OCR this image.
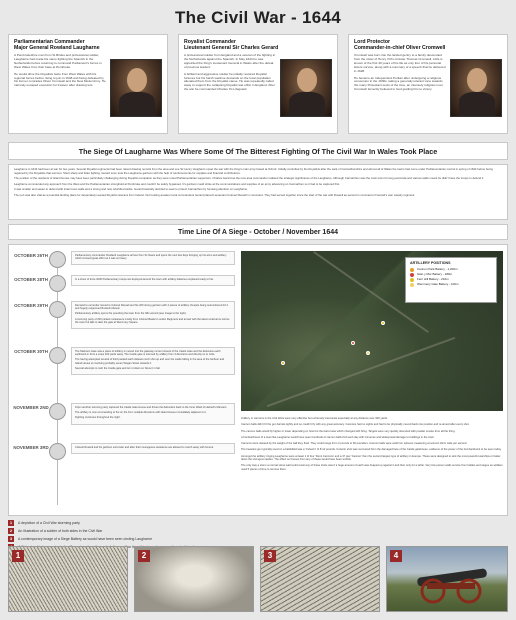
The Civil War - 1644
Parliamentarian Commander
Major General Rowland Laugharne

A Pembrokeshire man from St Brides and professional soldier, Laugharne had made his name fighting the Spanish in the Netherlands before returning to command Parliament's forces in West Wales from their base at Pembroke.

He would drive the Royalists twice from West Wales with his regional forces before rising to join in 1648 and being defeated by his former comrades Oliver Cromwell and the New Model Army. He narrowly escaped execution for treason after drawing lots.

Royalist Commander
Lieutenant General Sir Charles Gerard

A professional soldier from England and a veteran of the fighting in the Netherlands against the Spanish. In May 1644 he was appointed the King's Lieutenant General in Wales after the defeat of previous leaders.

A brilliant and aggressive soldier he initially restored Royalist fortunes but his harsh wartime demands on the local population alienated them from the Royalist cause. He was repeatedly called away to support the collapsing Royalist war effort in England. After the war he commanded Charles II's Lifeguard.

Lord Protector
Commander-in-chief Oliver Cromwell

Cromwell was born into the landed gentry to a family descended from the sister of Henry VIII's minister Thomas Cromwell. Little is known of the first 40 years of his life as only four of his personal letters survive, along with a summary of a speech that he delivered in 1628.

He became an Independent Puritan after undergoing a religious conversion in the 1630s, taking a generally tolerant view towards the many Protestant sects of the time, an intensely religious man, Cromwell fervently believed in God guiding him to victory.

The Siege Of Laugharne Was Where Some Of The Bitterest Fighting Of The Civil War In Wales Took Place

Laugharne in 1644 had been at war for two years. Several Royalist regiments had been raised drawing recruits from the area and one Sir Henry Vaughan's upset the war with the King's main army based at Oxford. Initially controlled by the Royalists after the sack of Carmarthenshire and almost all of Wales the towns had come under Parliamentarian control in spring of 1644 before being regained by the Royalists that summer. Short sharp and bitter fighting, Gerard soon took the Laugharne garrison with the help of reinforcements for supplies and financial contributions.

The position of the residents of Island House may have been particularly challenging during Royalist occupation as they were noted Parliamentarian supporters. Charles Gerard as the new area commander realised the strategic significance of the Laugharne. Although Carmarthen was the main town it's long peninsula and various walls meant he didn't have the troops to defend it.

Laugharne commanded any approach from the West and the Parliamentarian stronghold at Pembroke and couldn't be safely bypassed. It's garrison could strike at the communications and supplies of an army advancing on Carmarthen so it had to be captured first.

It was smaller and easier to defend with intact town walls and a strong and now refortified castle. Gerard basically decided to seek to protect Carmarthen by focusing attention on Laugharne.

The port was also vital as a potential landing place for desperately needed Royalist veterans from Ireland. Not trusting amateur local commanders Gerard placed Lieutenant Colonel Russell in command. They had served together since the start of the war with Russell as second in command of Gerard's own cavalry regiment.

Time Line Of A Siege - October / November 1644
OCTOBER 26TH	Parliamentary commander Rowland Laugharne arrives from St Clears and spent the next few days bringing up his arms and artillery which crossed great effort as it was so heavy.

OCTOBER 28TH	In a show of force 2000 Parliamentary troops are deployed around the town with artillery batteries emplaced ready to fire.

OCTOBER 29TH	Demand to surrender issued to Colonel Russell and his 200 strong garrison with 4 pieces of artillery. Despite being outnumbered 10:1 and hugely outgunned Russell refused.

Parliamentary artillery opens fire pounding the town from the hills around (see image to the right).

A storming party of 200 picked musketeers mostly from Colonel Beale's London Regiment and armed with the latest small arms storms the town but fails to take the gate at Wemmery Square.

OCTOBER 30TH	The Mariners Gate was a piece of artillery is moved into the gateway current streets of the Castle Gate and the defensive earth earthwork in front a mass 100 yards away. The Castle gate is stormed by artillery from 3 directions and directly on to Grist.

The having attempted several of third packed earth defeats much shot up and over the castle falling in the area of the harbour and Island House so involving probably seven Wogan Street towards it.

Several attempts to rush the Castle gate and turn it down on Nous it in fail.

NOVEMBER 2ND	10pm another storming party captured the Castle Gate House and drives the defenders back to the Inner Ward of Hazard's Mansion.

The artillery is now commanding to fire on the from multiple directions with island House immediately adjacent to it.

Fighting continues throughout the night.

NOVEMBER 3RD	Colonel Russell and his garrison surrender and after their courageous resistance are allowed to march away with honour.

ARTILLERY POSITIONS
Cannon Park Battery - 1,200m
Glan y Mor Battery - 180m
Fern Hill Battery - 210m
Wemmery Gate Battery - 100m

Artillery or cannons in the Civil Wars were very effective but extremely inaccurate especially at any distance over 300 yards.

Cannon balls didn't fit the gun barrels tightly and so couldn't fly with any great accuracy. Cannons had no sights and had to be physically moved back into position and re-aimed after every shot.

The cannon balls would fly higher or lower depending on how hot the barrel was which changed with firing. Targets were very quickly obscured with powder smoke from all the firing.

A bombardment of a town like Laugharne would have seen hundreds of cannon balls find each day with immense and widespread damage to buildings in the town.

Cannons were classed by the weight of the ball they fired. They could range from 3 pounds to 60 pounders. Cannon balls were solid iron spheres measuring at around 10cm wide per second.

The heaviest gun typically used on a battlefield was a 'Culverin' of 8-12 pounds. Culverin shot was recovered from the damaged face of the Castle gatehouse, evidence of the power of the bombardment to be seen today.

Amongst the artillery ringing Laugharne were at least 1 of four 'Demi Cannons' and a 47 pier 'Cannon' then the second largest type of artillery in Europe. These were designed to sink the most powerful warships or batter down the strongest castles. The effect on houses from any of these would have been terrible.

The only way a storm a normal stone wall could resist any of these shots was if a huge amount of earth was heaped up against it and then only for a while. Very few person walls survive from battles and sieges as soldiers used 5 pieces of time to remove them.

1	A depiction of a Civil War storming party
2	An illustration of a soldier of both sides in the Civil War
3	A contemporary image of a Siege Battery as would have been seen circling Laugharne
1	2	3	4
